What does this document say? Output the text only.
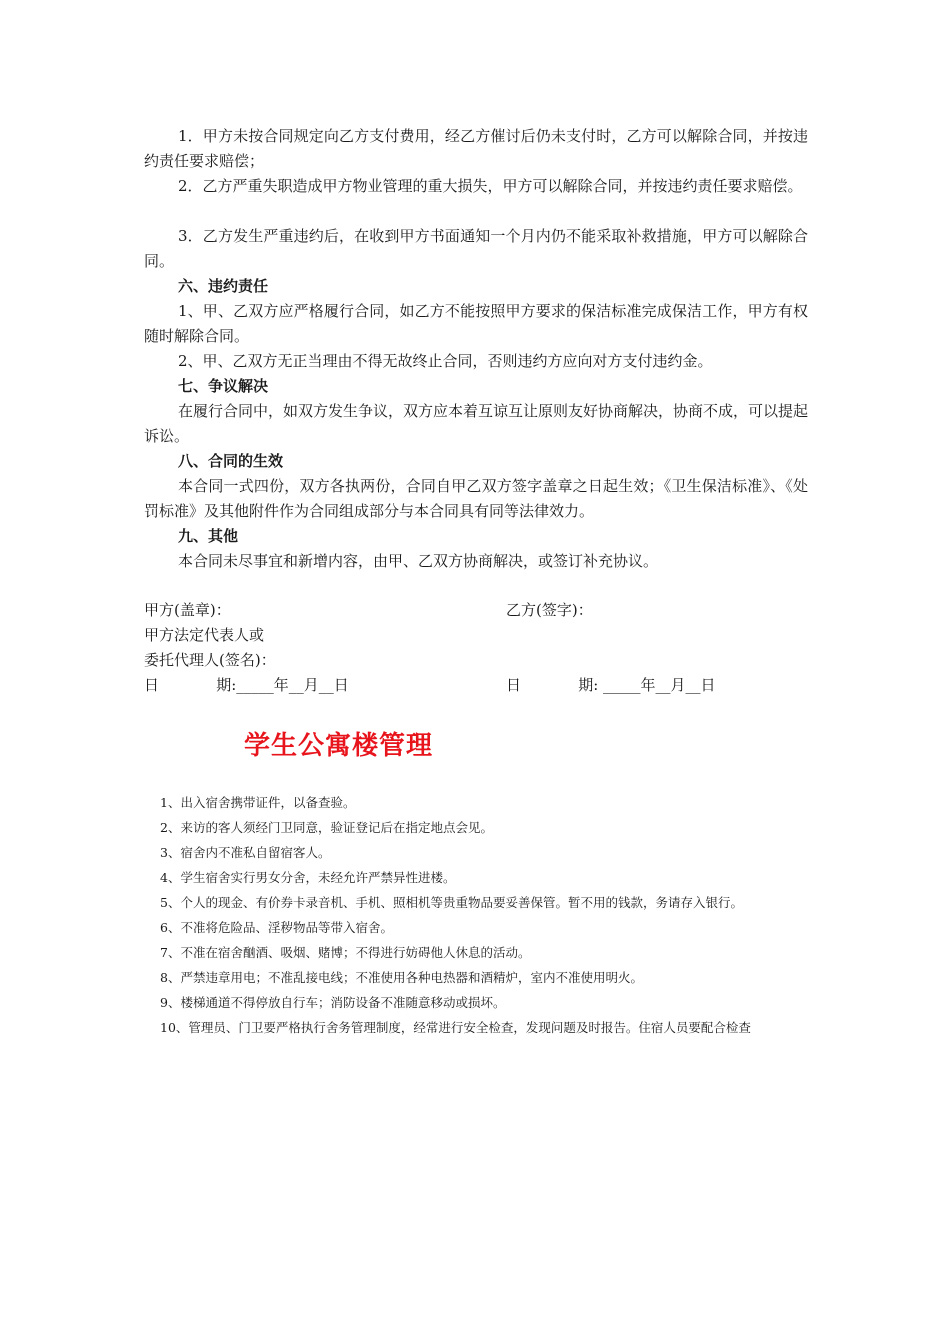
1．甲方未按合同规定向乙方支付费用，经乙方催讨后仍未支付时，乙方可以解除合同，并按违约责任要求赔偿；

2．乙方严重失职造成甲方物业管理的重大损失，甲方可以解除合同，并按违约责任要求赔偿。

3．乙方发生严重违约后，在收到甲方书面通知一个月内仍不能采取补救措施，甲方可以解除合同。

六、违约责任

1、甲、乙双方应严格履行合同，如乙方不能按照甲方要求的保洁标准完成保洁工作，甲方有权随时解除合同。

2、甲、乙双方无正当理由不得无故终止合同，否则违约方应向对方支付违约金。

七、争议解决

在履行合同中，如双方发生争议，双方应本着互谅互让原则友好协商解决，协商不成，可以提起诉讼。

八、合同的生效

本合同一式四份，双方各执两份，合同自甲乙双方签字盖章之日起生效；《卫生保洁标准》、《处罚标准》及其他附件作为合同组成部分与本合同具有同等法律效力。

九、其他

本合同未尽事宜和新增内容，由甲、乙双方协商解决，或签订补充协议。

甲方(盖章)：	乙方(签字)：

甲方法定代表人或

委托代理人(签名)：

日            期:_____年__月__日	日            期: _____年__月__日

学生公寓楼管理

1、出入宿舍携带证件，以备查验。

2、来访的客人须经门卫同意，验证登记后在指定地点会见。

3、宿舍内不准私自留宿客人。

4、学生宿舍实行男女分舍，未经允许严禁异性进楼。

5、个人的现金、有价券卡录音机、手机、照相机等贵重物品要妥善保管。暂不用的钱款，务请存入银行。

6、不准将危险品、淫秽物品等带入宿舍。

7、不准在宿舍酗酒、吸烟、赌博；不得进行妨碍他人休息的活动。

8、严禁违章用电；不准乱接电线；不准使用各种电热器和酒精炉，室内不准使用明火。

9、楼梯通道不得停放自行车；消防设备不准随意移动或损坏。

10、管理员、门卫要严格执行舍务管理制度，经常进行安全检查，发现问题及时报告。住宿人员要配合检查
